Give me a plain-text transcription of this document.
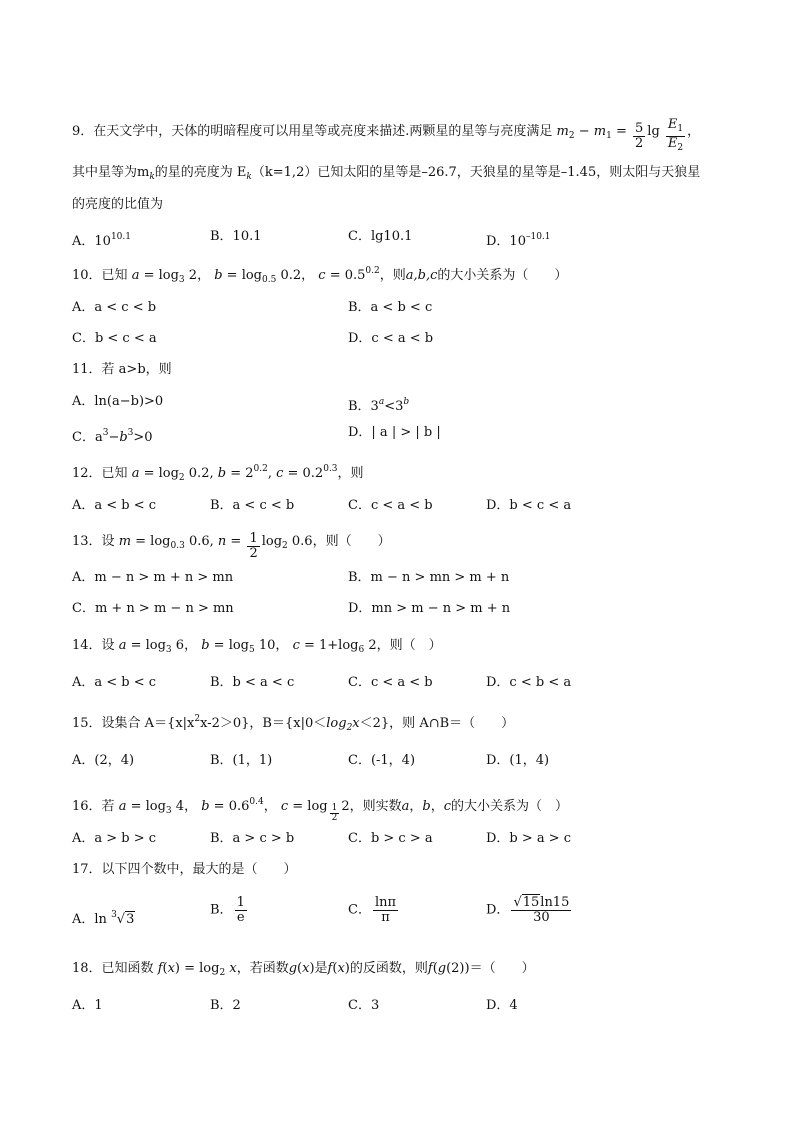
9．在天文学中，天体的明暗程度可以用星等或亮度来描述.两颗星的星等与亮度满足 $m_2 - m_1 = \frac{5}{2}$ $\lg \frac{E_1}{E_2}$ ，
其中星等为$m_k$的星的亮度为 $E_k(k=1,2)$已知太阳的星等是–26.7，天狼星的星等是–1.45，则太阳与天狼星
的亮度的比值为
A．$10^{10.1}$	B．10.1	C．lg10.1	D．$10^{-10.1}$
10．已知 $a = \log_3 2$， $b = \log_{0.5} 0.2$， $c = 0.5^{0.2}$，则a,b,c的大小关系为（　　）
A．a < c < b	B．a < b < c
C．b < c < a	D．c < a < b
11．若 a>b，则
A．ln(a−b)>0	B．$3^a<3^b$
C．$a^3-b^3>0$	D．| a | > | b |
12．已知 $a = \log_2 0.2$, $b = 2^{0.2}$, $c = 0.2^{0.3}$，则
A．a < b < c	B．a < c < b	C．c < a < b	D．b < c < a
13．设 $m = \log_{0.3} 0.6$, $n = \frac{1}{2} \log_2 0.6$，则（　　）
A．m − n > m + n > mn	B．m − n > mn > m + n
C．m + n > m − n > mn	D．mn > m − n > m + n
14．设 $a = \log_3 6$， $b = \log_5 10$， $c = 1+\log_6$ 2，则（　）
A．a < b < c	B．b < a < c	C．c < a < b	D．c < b < a
15．设集合 $A=\{x|x^2x-2>0\}$，$B=\{x|0<\log_2x<2\}$，则 A∩B＝（　　）
A．(2，4)	B．(1，1)	C．(-1，4)	D．(1，4)
16．若 $a = \log_3 4$， $b = 0.6^{0.4}$， $c = \log \frac{1}{2} 2$，则实数a，b，c的大小关系为（　）
A．a > b > c	B．a > c > b	C．b > c > a	D．b > a > c
17．以下四个数中，最大的是（　　）
A．ln $^3$√3
B． $\frac{1}{e}$	C． $\frac{\ln\pi}{\pi}$	D． $\frac{√15\ln 15}{30}$
18．已知函数 $f(x) = \log_2 x$，若函数g(x)是f(x)的反函数，则f(g(2))＝（　　）
A．1	B．2	C．3	D．4
